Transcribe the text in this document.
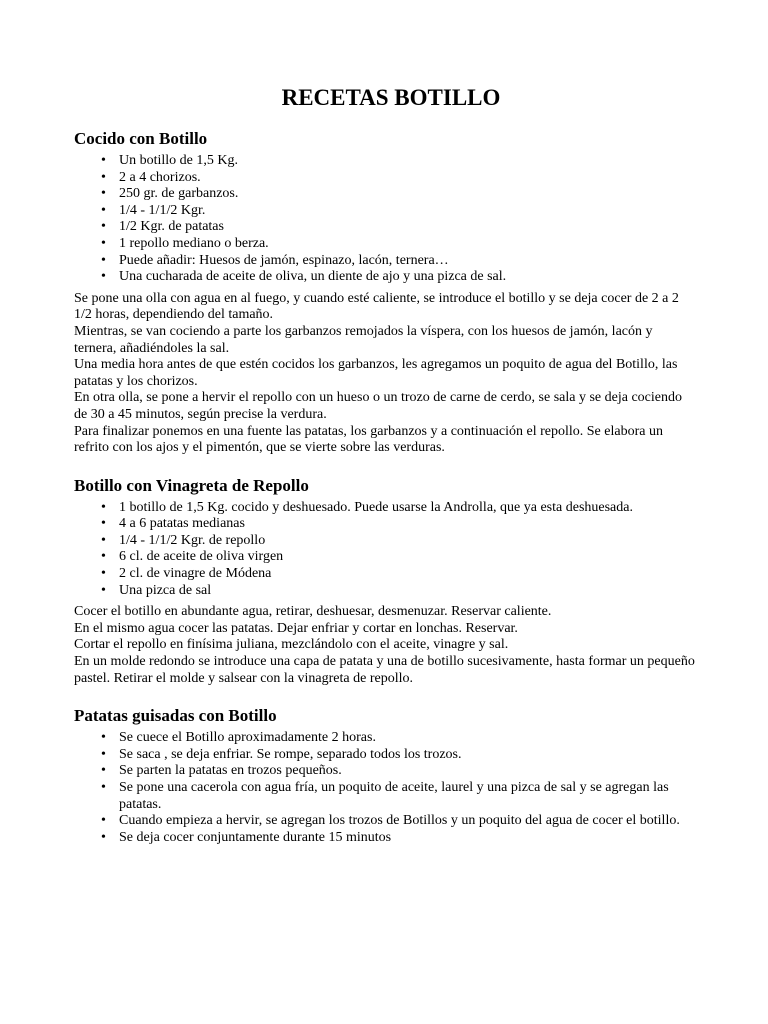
RECETAS BOTILLO
Cocido con Botillo
• Un botillo de 1,5 Kg.
• 2 a 4 chorizos.
• 250 gr. de garbanzos.
• 1/4 - 1/1/2 Kgr.
• 1/2 Kgr. de patatas
• 1 repollo mediano o berza.
• Puede añadir: Huesos de jamón, espinazo, lacón, ternera…
• Una cucharada de aceite de oliva, un diente de ajo y una pizca de sal.

Se pone una olla con agua en al fuego, y cuando esté caliente, se introduce el botillo y se deja cocer de 2 a 2 1/2 horas, dependiendo del tamaño.

Mientras, se van cociendo a parte los garbanzos remojados la víspera, con los huesos de jamón, lacón y ternera, añadiéndoles la sal.

Una media hora antes de que estén cocidos los garbanzos, les agregamos un poquito de agua del Botillo, las patatas y los chorizos.

En otra olla, se pone a hervir el repollo con un hueso o un trozo de carne de cerdo, se sala y se deja cociendo de 30 a 45 minutos, según precise la verdura.

Para finalizar ponemos en una fuente las patatas, los garbanzos y a continuación el repollo. Se elabora un refrito con los ajos y el pimentón, que se vierte sobre las verduras.

Botillo con Vinagreta de Repollo
• 1 botillo de 1,5 Kg. cocido y deshuesado. Puede usarse la Androlla, que ya esta deshuesada.
• 4 a 6 patatas medianas
• 1/4 - 1/1/2 Kgr. de repollo
• 6 cl. de aceite de oliva virgen
• 2 cl. de vinagre de Módena
• Una pizca de sal

Cocer el botillo en abundante agua, retirar, deshuesar, desmenuzar. Reservar caliente.

En el mismo agua cocer las patatas. Dejar enfriar y cortar en lonchas. Reservar.

Cortar el repollo en finísima juliana, mezclándolo con el aceite, vinagre y sal.

En un molde redondo se introduce una capa de patata y una de botillo sucesivamente, hasta formar un pequeño pastel. Retirar el molde y salsear con la vinagreta de repollo.

Patatas guisadas con Botillo
• Se cuece el Botillo aproximadamente 2 horas.
• Se saca , se deja enfriar. Se rompe, separado todos los trozos.
• Se parten la patatas en trozos pequeños.
• Se pone una cacerola con agua fría, un poquito de aceite, laurel y una pizca de sal y se agregan las patatas.
• Cuando empieza a hervir, se agregan los trozos de Botillos y un poquito del agua de cocer el botillo.
• Se deja cocer conjuntamente durante 15 minutos
